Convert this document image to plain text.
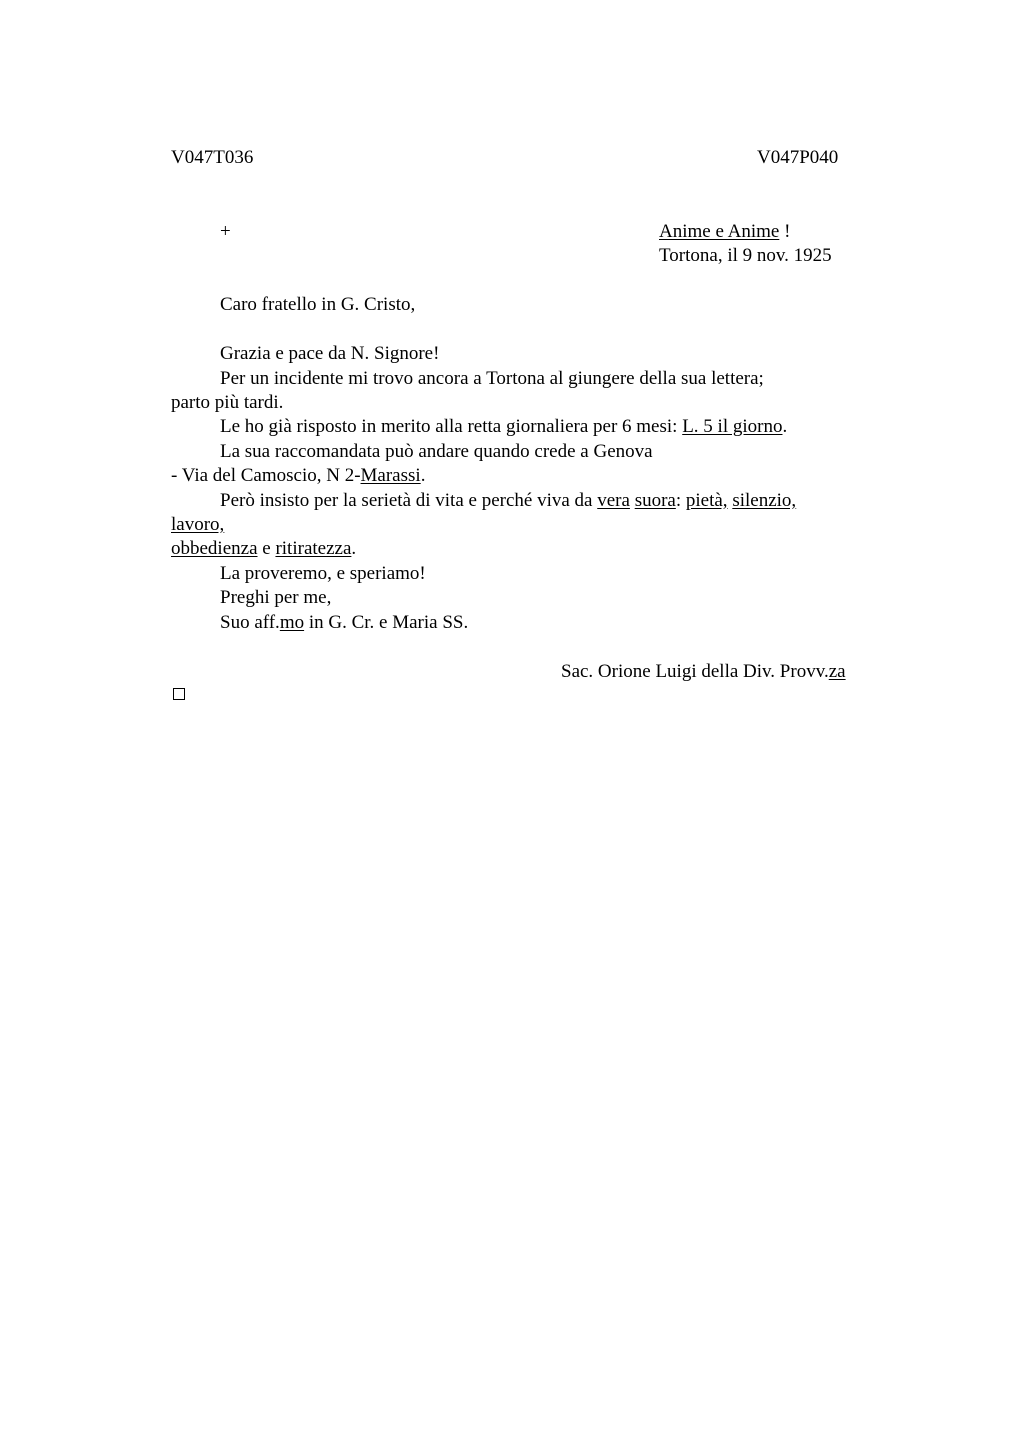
V047T036	V047P040
+	Anime e Anime !
Tortona, il 9 nov. 1925
Caro fratello in G. Cristo,
Grazia e pace da N. Signore!
Per un incidente mi trovo ancora a Tortona al giungere della sua lettera;
parto più tardi.
Le ho già risposto in merito alla retta giornaliera per 6 mesi: L. 5 il giorno.
La sua raccomandata può andare quando crede a Genova
- Via del Camoscio, N 2-Marassi.
Però insisto per la serietà di vita e perché viva da vera suora: pietà, silenzio,
lavoro,
obbedienza e ritiratezza.
La proveremo, e speriamo!
Preghi per me,
Suo aff.mo in G. Cr. e Maria SS.
Sac. Orione Luigi della Div. Provv.za
